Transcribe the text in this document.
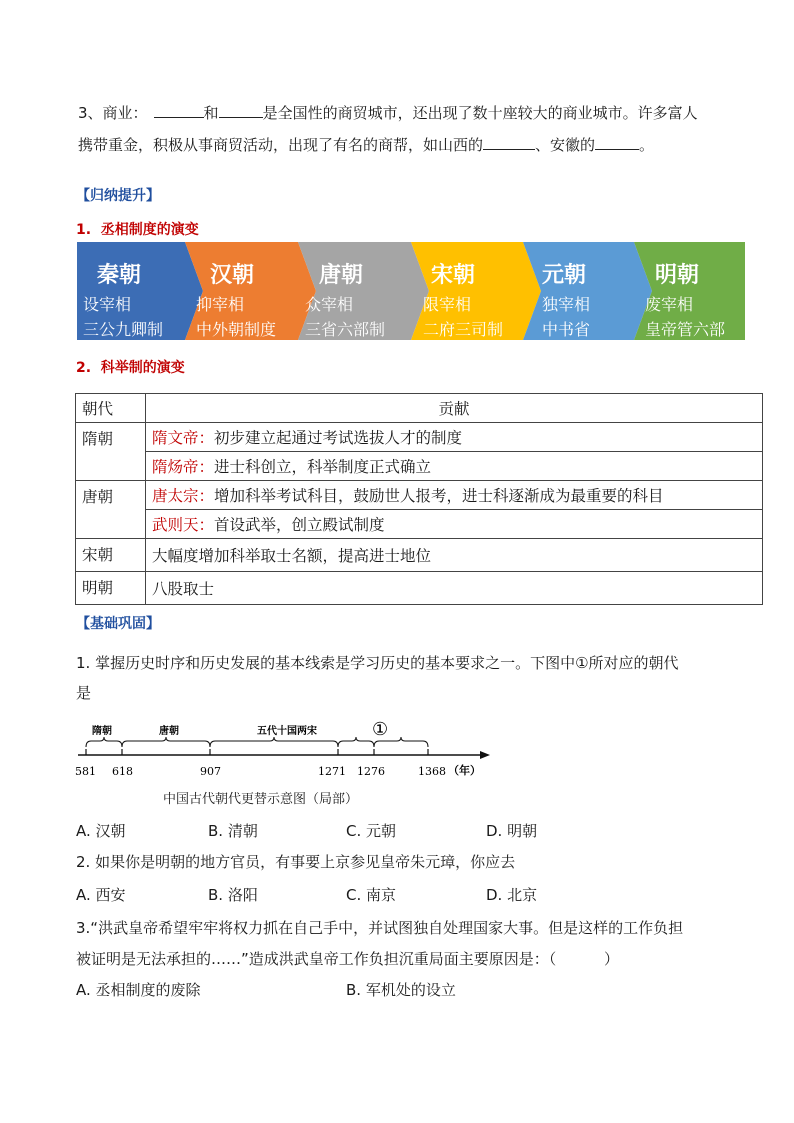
3、商业：	和	是全国性的商贸城市，还出现了数十座较大的商业城市。许多富人
携带重金，积极从事商贸活动，出现了有名的商帮，如山西的	、安徽的	。
【归纳提升】
1.  丞相制度的演变
秦朝
设宰相
三公九卿制
汉朝
抑宰相
中外朝制度
唐朝
众宰相
三省六部制
宋朝
限宰相
二府三司制
元朝
独宰相
中书省
明朝
废宰相
皇帝管六部
2.  科举制的演变
朝代	贡献
隋朝	隋文帝：初步建立起通过考试选拔人才的制度
	隋炀帝：进士科创立，科举制度正式确立
唐朝	唐太宗：增加科举考试科目，鼓励世人报考，进士科逐渐成为最重要的科目
	武则天：首设武举，创立殿试制度
宋朝	大幅度增加科举取士名额，提高进士地位
明朝	八股取士
【基础巩固】
1. 掌握历史时序和历史发展的基本线索是学习历史的基本要求之一。下图中①所对应的朝代
是
隋朝	唐朝	五代十国两宋	①
581 618	907	1271 1276	1368 （年）
中国古代朝代更替示意图（局部）
A. 汉朝	B. 清朝	C. 元朝	D. 明朝
2. 如果你是明朝的地方官员，有事要上京参见皇帝朱元璋，你应去
A. 西安	B. 洛阳	C. 南京	D. 北京
3.“洪武皇帝希望牢牢将权力抓在自己手中，并试图独自处理国家大事。但是这样的工作负担
被证明是无法承担的……”造成洪武皇帝工作负担沉重局面主要原因是：（          ）
A. 丞相制度的废除	B. 军机处的设立
